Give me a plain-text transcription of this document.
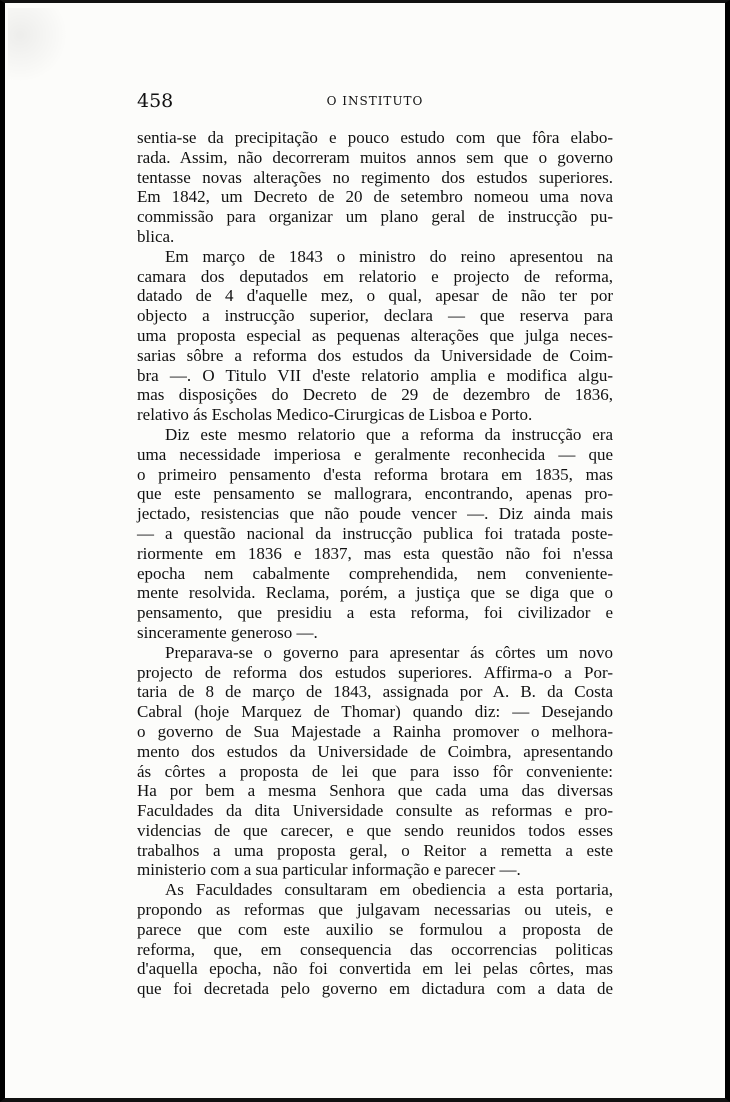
458	O INSTITUTO
sentia-se da precipitação e pouco estudo com que fôra elabo-
rada. Assim, não decorreram muitos annos sem que o governo
tentasse novas alterações no regimento dos estudos superiores.
Em 1842, um Decreto de 20 de setembro nomeou uma nova
commissão para organizar um plano geral de instrucção pu-
blica.
Em março de 1843 o ministro do reino apresentou na
camara dos deputados em relatorio e projecto de reforma,
datado de 4 d'aquelle mez, o qual, apesar de não ter por
objecto a instrucção superior, declara — que reserva para
uma proposta especial as pequenas alterações que julga neces-
sarias sôbre a reforma dos estudos da Universidade de Coim-
bra —. O Titulo VII d'este relatorio amplia e modifica algu-
mas disposições do Decreto de 29 de dezembro de 1836,
relativo ás Escholas Medico-Cirurgicas de Lisboa e Porto.
Diz este mesmo relatorio que a reforma da instrucção era
uma necessidade imperiosa e geralmente reconhecida — que
o primeiro pensamento d'esta reforma brotara em 1835, mas
que este pensamento se mallograra, encontrando, apenas pro-
jectado, resistencias que não poude vencer —. Diz ainda mais
— a questão nacional da instrucção publica foi tratada poste-
riormente em 1836 e 1837, mas esta questão não foi n'essa
epocha nem cabalmente comprehendida, nem conveniente-
mente resolvida. Reclama, porém, a justiça que se diga que o
pensamento, que presidiu a esta reforma, foi civilizador e
sinceramente generoso —.
Preparava-se o governo para apresentar ás côrtes um novo
projecto de reforma dos estudos superiores. Affirma-o a Por-
taria de 8 de março de 1843, assignada por A. B. da Costa
Cabral (hoje Marquez de Thomar) quando diz: — Desejando
o governo de Sua Majestade a Rainha promover o melhora-
mento dos estudos da Universidade de Coimbra, apresentando
ás côrtes a proposta de lei que para isso fôr conveniente:
Ha por bem a mesma Senhora que cada uma das diversas
Faculdades da dita Universidade consulte as reformas e pro-
videncias de que carecer, e que sendo reunidos todos esses
trabalhos a uma proposta geral, o Reitor a remetta a este
ministerio com a sua particular informação e parecer —.
As Faculdades consultaram em obediencia a esta portaria,
propondo as reformas que julgavam necessarias ou uteis, e
parece que com este auxilio se formulou a proposta de
reforma, que, em consequencia das occorrencias politicas
d'aquella epocha, não foi convertida em lei pelas côrtes, mas
que foi decretada pelo governo em dictadura com a data de
